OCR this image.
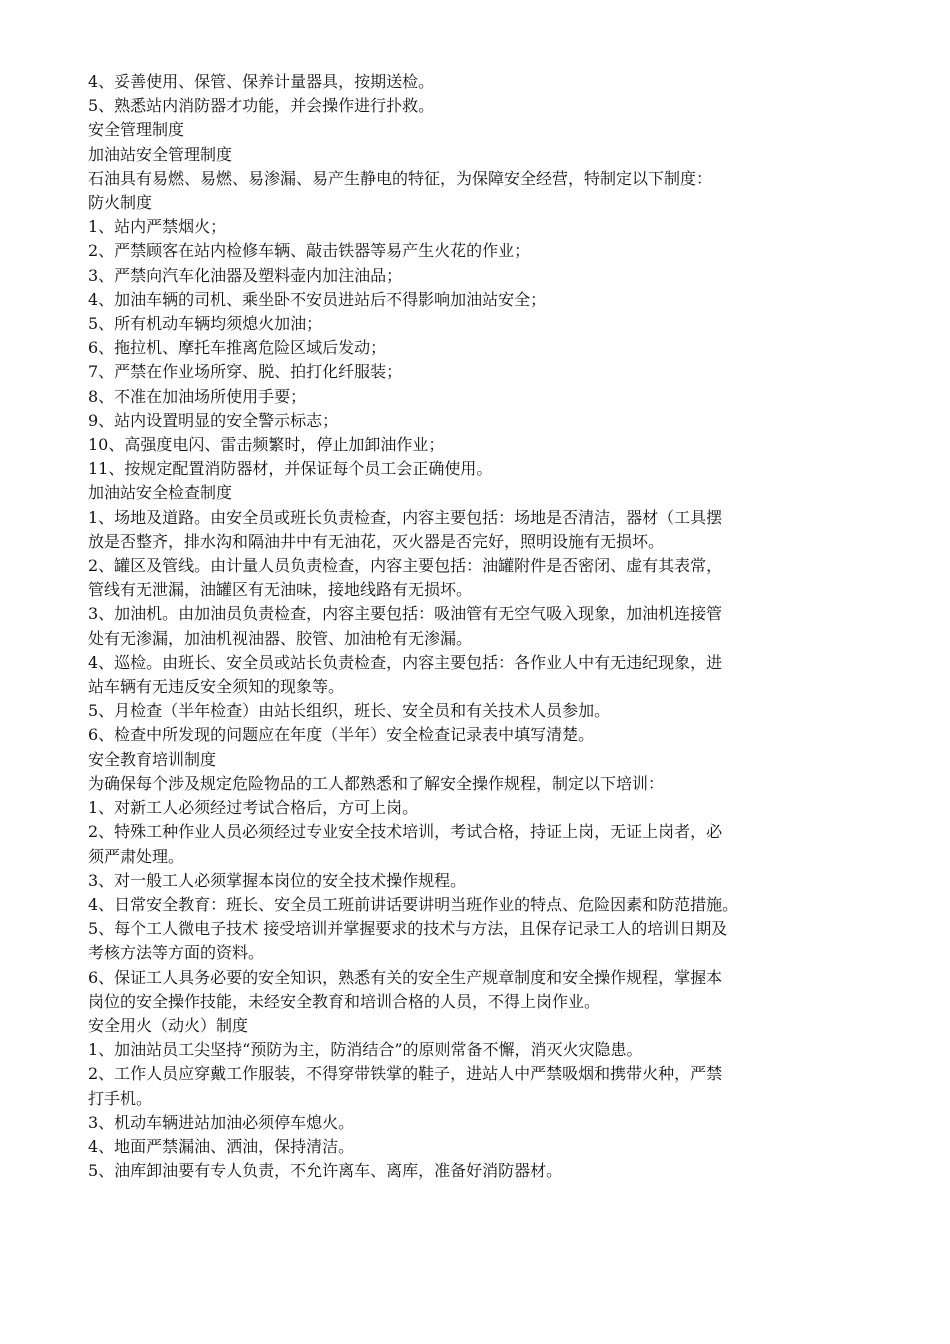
4、妥善使用、保管、保养计量器具，按期送检。

5、熟悉站内消防器才功能，并会操作进行扑救。

安全管理制度

加油站安全管理制度

石油具有易燃、易燃、易渗漏、易产生静电的特征，为保障安全经营，特制定以下制度：

防火制度

1、站内严禁烟火；

2、严禁顾客在站内检修车辆、敲击铁器等易产生火花的作业；

3、严禁向汽车化油器及塑料壶内加注油品；

4、加油车辆的司机、乘坐卧不安员进站后不得影响加油站安全；

5、所有机动车辆均须熄火加油；

6、拖拉机、摩托车推离危险区域后发动；

7、严禁在作业场所穿、脱、拍打化纤服装；

8、不准在加油场所使用手要；

9、站内设置明显的安全警示标志；

10、高强度电闪、雷击频繁时，停止加卸油作业；

11、按规定配置消防器材，并保证每个员工会正确使用。

加油站安全检查制度

1、场地及道路。由安全员或班长负责检查，内容主要包括：场地是否清洁，器材（工具摆

放是否整齐，排水沟和隔油井中有无油花，灭火器是否完好，照明设施有无损坏。

2、罐区及管线。由计量人员负责检查，内容主要包括：油罐附件是否密闭、虚有其表常，

管线有无泄漏，油罐区有无油味，接地线路有无损坏。

3、加油机。由加油员负责检查，内容主要包括：吸油管有无空气吸入现象，加油机连接管

处有无渗漏，加油机视油器、胶管、加油枪有无渗漏。

4、巡检。由班长、安全员或站长负责检查，内容主要包括：各作业人中有无违纪现象，进

站车辆有无违反安全须知的现象等。

5、月检查（半年检查）由站长组织，班长、安全员和有关技术人员参加。

6、检查中所发现的问题应在年度（半年）安全检查记录表中填写清楚。

安全教育培训制度

为确保每个涉及规定危险物品的工人都熟悉和了解安全操作规程，制定以下培训：

1、对新工人必须经过考试合格后，方可上岗。

2、特殊工种作业人员必须经过专业安全技术培训，考试合格，持证上岗，无证上岗者，必

须严肃处理。

3、对一般工人必须掌握本岗位的安全技术操作规程。

4、日常安全教育：班长、安全员工班前讲话要讲明当班作业的特点、危险因素和防范措施。

5、每个工人微电子技术 接受培训并掌握要求的技术与方法，且保存记录工人的培训日期及

考核方法等方面的资料。

6、保证工人具务必要的安全知识，熟悉有关的安全生产规章制度和安全操作规程，掌握本

岗位的安全操作技能，未经安全教育和培训合格的人员，不得上岗作业。

安全用火（动火）制度

1、加油站员工尖坚持“预防为主，防消结合”的原则常备不懈，消灭火灾隐患。

2、工作人员应穿戴工作服装，不得穿带铁掌的鞋子，进站人中严禁吸烟和携带火种，严禁

打手机。

3、机动车辆进站加油必须停车熄火。

4、地面严禁漏油、洒油，保持清洁。

5、油库卸油要有专人负责，不允许离车、离库，准备好消防器材。
